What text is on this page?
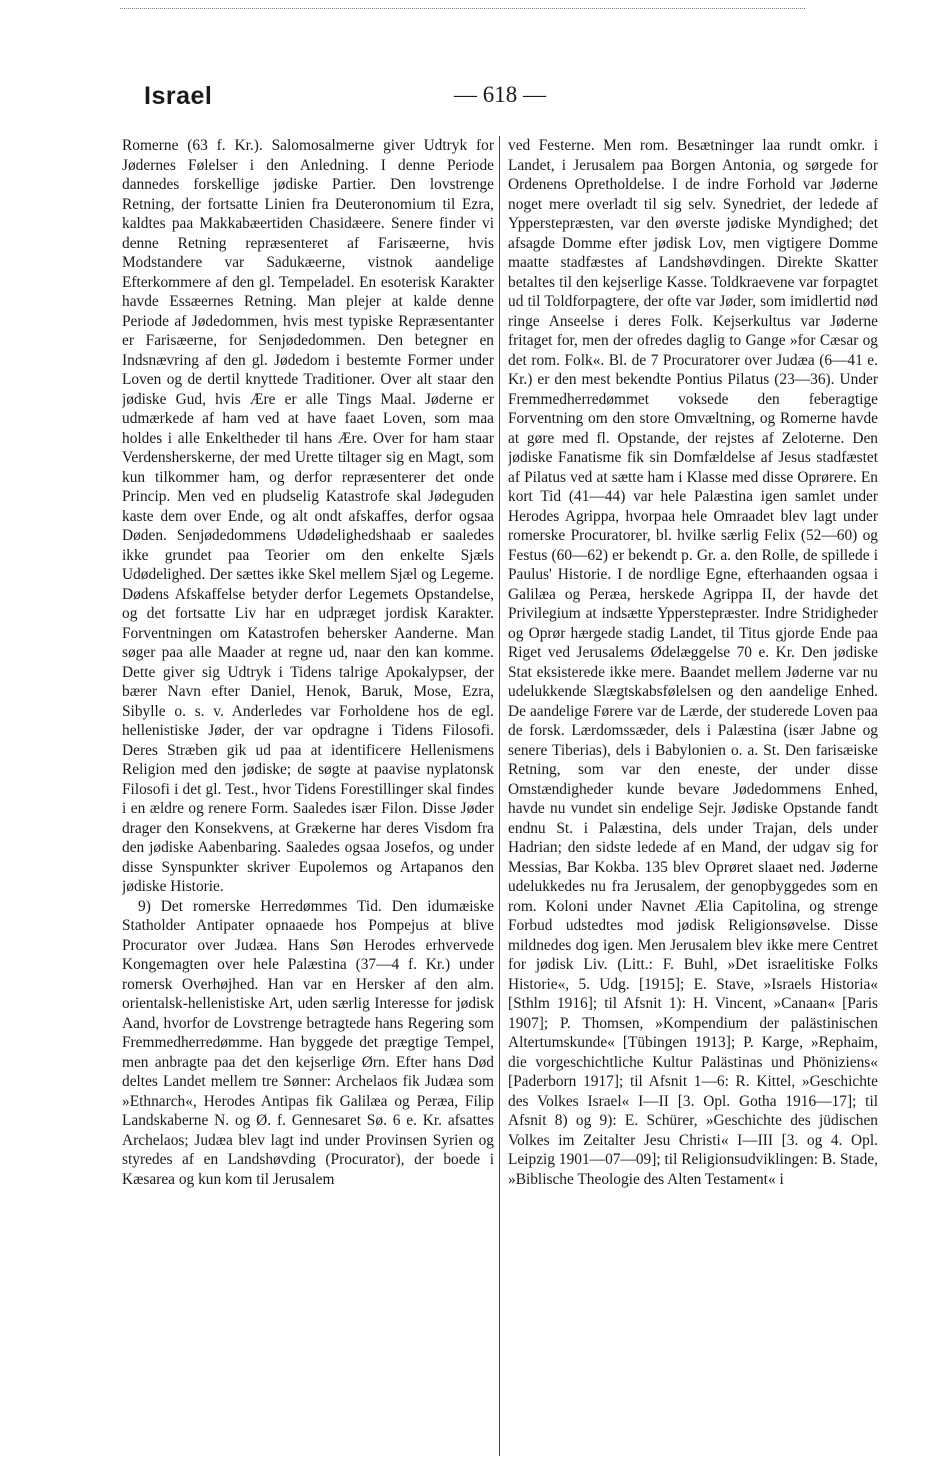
Israel	— 618 —

Romerne (63 f. Kr.). Salomosalmerne giver Udtryk for Jødernes Følelser i den Anledning. I denne Periode dannedes forskellige jødiske Partier. Den lovstrenge Retning, der fortsatte Linien fra Deuteronomium til Ezra, kaldtes paa Makkabæertiden Chasidæere. Senere finder vi denne Retning repræsenteret af Farisæerne, hvis Modstandere var Sadukæerne, vistnok aandelige Efterkommere af den gl. Tempeladel. En esoterisk Karakter havde Essæernes Retning. Man plejer at kalde denne Periode af Jødedommen, hvis mest typiske Repræsentanter er Farisæerne, for Senjødedommen. Den betegner en Indsnævring af den gl. Jødedom i bestemte Former under Loven og de dertil knyttede Traditioner. Over alt staar den jødiske Gud, hvis Ære er alle Tings Maal. Jøderne er udmærkede af ham ved at have faaet Loven, som maa holdes i alle Enkeltheder til hans Ære. Over for ham staar Verdensherskerne, der med Urette tiltager sig en Magt, som kun tilkommer ham, og derfor repræsenterer det onde Princip. Men ved en pludselig Katastrofe skal Jødeguden kaste dem over Ende, og alt ondt afskaffes, derfor ogsaa Døden. Senjødedommens Udødelighedshaab er saaledes ikke grundet paa Teorier om den enkelte Sjæls Udødelighed. Der sættes ikke Skel mellem Sjæl og Legeme. Dødens Afskaffelse betyder derfor Legemets Opstandelse, og det fortsatte Liv har en udpræget jordisk Karakter. Forventningen om Katastrofen behersker Aanderne. Man søger paa alle Maader at regne ud, naar den kan komme. Dette giver sig Udtryk i Tidens talrige Apokalypser, der bærer Navn efter Daniel, Henok, Baruk, Mose, Ezra, Sibylle o. s. v. Anderledes var Forholdene hos de egl. hellenistiske Jøder, der var opdragne i Tidens Filosofi. Deres Stræben gik ud paa at identificere Hellenismens Religion med den jødiske; de søgte at paavise nyplatonsk Filosofi i det gl. Test., hvor Tidens Forestillinger skal findes i en ældre og renere Form. Saaledes især Filon. Disse Jøder drager den Konsekvens, at Grækerne har deres Visdom fra den jødiske Aabenbaring. Saaledes ogsaa Josefos, og under disse Synspunkter skriver Eupolemos og Artapanos den jødiske Historie.

9) Det romerske Herredømmes Tid. Den idumæiske Statholder Antipater opnaaede hos Pompejus at blive Procurator over Judæa. Hans Søn Herodes erhvervede Kongemagten over hele Palæstina (37—4 f. Kr.) under romersk Overhøjhed. Han var en Hersker af den alm. orientalsk-hellenistiske Art, uden særlig Interesse for jødisk Aand, hvorfor de Lovstrenge betragtede hans Regering som Fremmedherredømme. Han byggede det prægtige Tempel, men anbragte paa det den kejserlige Ørn. Efter hans Død deltes Landet mellem tre Sønner: Archelaos fik Judæa som »Ethnarch«, Herodes Antipas fik Galilæa og Peræa, Filip Landskaberne N. og Ø. f. Gennesaret Sø. 6 e. Kr. afsattes Archelaos; Judæa blev lagt ind under Provinsen Syrien og styredes af en Landshøvding (Procurator), der boede i Kæsarea og kun kom til Jerusalem

ved Festerne. Men rom. Besætninger laa rundt omkr. i Landet, i Jerusalem paa Borgen Antonia, og sørgede for Ordenens Opretholdelse. I de indre Forhold var Jøderne noget mere overladt til sig selv. Synedriet, der ledede af Ypperstepræsten, var den øverste jødiske Myndighed; det afsagde Domme efter jødisk Lov, men vigtigere Domme maatte stadfæstes af Landshøvdingen. Direkte Skatter betaltes til den kejserlige Kasse. Toldkraevene var forpagtet ud til Toldforpagtere, der ofte var Jøder, som imidlertid nød ringe Anseelse i deres Folk. Kejserkultus var Jøderne fritaget for, men der ofredes daglig to Gange »for Cæsar og det rom. Folk«. Bl. de 7 Procuratorer over Judæa (6—41 e. Kr.) er den mest bekendte Pontius Pilatus (23—36). Under Fremmedherredømmet voksede den feberagtige Forventning om den store Omvæltning, og Romerne havde at gøre med fl. Opstande, der rejstes af Zeloterne. Den jødiske Fanatisme fik sin Domfældelse af Jesus stadfæstet af Pilatus ved at sætte ham i Klasse med disse Oprørere. En kort Tid (41—44) var hele Palæstina igen samlet under Herodes Agrippa, hvorpaa hele Omraadet blev lagt under romerske Procuratorer, bl. hvilke særlig Felix (52—60) og Festus (60—62) er bekendt p. Gr. a. den Rolle, de spillede i Paulus' Historie. I de nordlige Egne, efterhaanden ogsaa i Galilæa og Peræa, herskede Agrippa II, der havde det Privilegium at indsætte Ypperstepræster. Indre Stridigheder og Oprør hærgede stadig Landet, til Titus gjorde Ende paa Riget ved Jerusalems Ødelæggelse 70 e. Kr. Den jødiske Stat eksisterede ikke mere. Baandet mellem Jøderne var nu udelukkende Slægtskabsfølelsen og den aandelige Enhed. De aandelige Førere var de Lærde, der studerede Loven paa de forsk. Lærdomssæder, dels i Palæstina (især Jabne og senere Tiberias), dels i Babylonien o. a. St. Den farisæiske Retning, som var den eneste, der under disse Omstændigheder kunde bevare Jødedommens Enhed, havde nu vundet sin endelige Sejr. Jødiske Opstande fandt endnu St. i Palæstina, dels under Trajan, dels under Hadrian; den sidste ledede af en Mand, der udgav sig for Messias, Bar Kokba. 135 blev Oprøret slaaet ned. Jøderne udelukkedes nu fra Jerusalem, der genopbyggedes som en rom. Koloni under Navnet Ælia Capitolina, og strenge Forbud udstedtes mod jødisk Religionsøvelse. Disse mildnedes dog igen. Men Jerusalem blev ikke mere Centret for jødisk Liv. (Litt.: F. Buhl, »Det israelitiske Folks Historie«, 5. Udg. [1915]; E. Stave, »Israels Historia« [Sthlm 1916]; til Afsnit 1): H. Vincent, »Canaan« [Paris 1907]; P. Thomsen, »Kompendium der palästinischen Altertumskunde« [Tübingen 1913]; P. Karge, »Rephaim, die vorgeschichtliche Kultur Palästinas und Phöniziens« [Paderborn 1917]; til Afsnit 1—6: R. Kittel, »Geschichte des Volkes Israel« I—II [3. Opl. Gotha 1916—17]; til Afsnit 8) og 9): E. Schürer, »Geschichte des jüdischen Volkes im Zeitalter Jesu Christi« I—III [3. og 4. Opl. Leipzig 1901—07—09]; til Religionsudviklingen: B. Stade, »Biblische Theologie des Alten Testament« i
